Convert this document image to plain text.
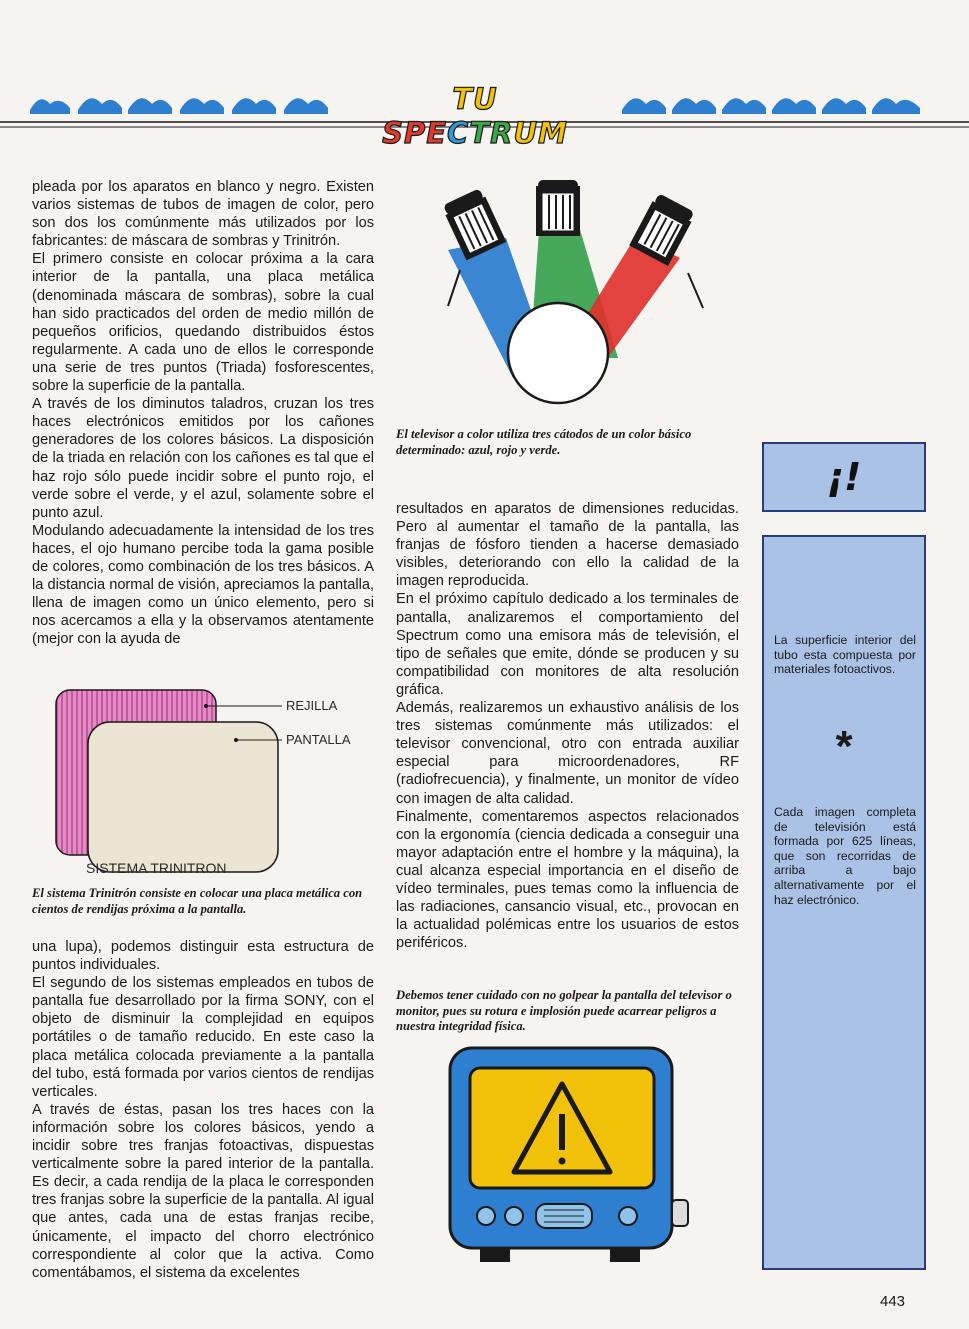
TU SPECTRUM

pleada por los aparatos en blanco y negro. Existen varios sistemas de tubos de imagen de color, pero son dos los comúnmente más utilizados por los fabricantes: de máscara de sombras y Trinitrón.

El primero consiste en colocar próxima a la cara interior de la pantalla, una placa metálica (denominada máscara de sombras), sobre la cual han sido practicados del orden de medio millón de pequeños orificios, quedando distribuidos éstos regularmente. A cada uno de ellos le corresponde una serie de tres puntos (Triada) fosforescentes, sobre la superficie de la pantalla.

A través de los diminutos taladros, cruzan los tres haces electrónicos emitidos por los cañones generadores de los colores básicos. La disposición de la triada en relación con los cañones es tal que el haz rojo sólo puede incidir sobre el punto rojo, el verde sobre el verde, y el azul, solamente sobre el punto azul.

Modulando adecuadamente la intensidad de los tres haces, el ojo humano percibe toda la gama posible de colores, como combinación de los tres básicos. A la distancia normal de visión, apreciamos la pantalla, llena de imagen como un único elemento, pero si nos acercamos a ella y la observamos atentamente (mejor con la ayuda de

REJILLA
PANTALLA
SISTEMA TRINITRON
El sistema Trinitrón consiste en colocar una placa metálica con cientos de rendijas próxima a la pantalla.

una lupa), podemos distinguir esta estructura de puntos individuales.

El segundo de los sistemas empleados en tubos de pantalla fue desarrollado por la firma SONY, con el objeto de disminuir la complejidad en equipos portátiles o de tamaño reducido. En este caso la placa metálica colocada previamente a la pantalla del tubo, está formada por varios cientos de rendijas verticales.

A través de éstas, pasan los tres haces con la información sobre los colores básicos, yendo a incidir sobre tres franjas fotoactivas, dispuestas verticalmente sobre la pared interior de la pantalla. Es decir, a cada rendija de la placa le corresponden tres franjas sobre la superficie de la pantalla. Al igual que antes, cada una de estas franjas recibe, únicamente, el impacto del chorro electrónico correspondiente al color que la activa. Como comentábamos, el sistema da excelentes

El televisor a color utiliza tres cátodos de un color básico determinado: azul, rojo y verde.

resultados en aparatos de dimensiones reducidas. Pero al aumentar el tamaño de la pantalla, las franjas de fósforo tienden a hacerse demasiado visibles, deteriorando con ello la calidad de la imagen reproducida.

En el próximo capítulo dedicado a los terminales de pantalla, analizaremos el comportamiento del Spectrum como una emisora más de televisión, el tipo de señales que emite, dónde se producen y su compatibilidad con monitores de alta resolución gráfica.

Además, realizaremos un exhaustivo análisis de los tres sistemas comúnmente más utilizados: el televisor convencional, otro con entrada auxiliar especial para microordenadores, RF (radiofrecuencia), y finalmente, un monitor de vídeo con imagen de alta calidad.

Finalmente, comentaremos aspectos relacionados con la ergonomía (ciencia dedicada a conseguir una mayor adaptación entre el hombre y la máquina), la cual alcanza especial importancia en el diseño de vídeo terminales, pues temas como la influencia de las radiaciones, cansancio visual, etc., provocan en la actualidad polémicas entre los usuarios de estos periféricos.

Debemos tener cuidado con no golpear la pantalla del televisor o monitor, pues su rotura e implosión puede acarrear peligros a nuestra integridad física.
¡!
La superficie interior del tubo esta compuesta por materiales fotoactivos.
*
Cada imagen completa de televisión está formada por 625 líneas, que son recorridas de arriba a bajo alternativamente por el haz electrónico.
443
